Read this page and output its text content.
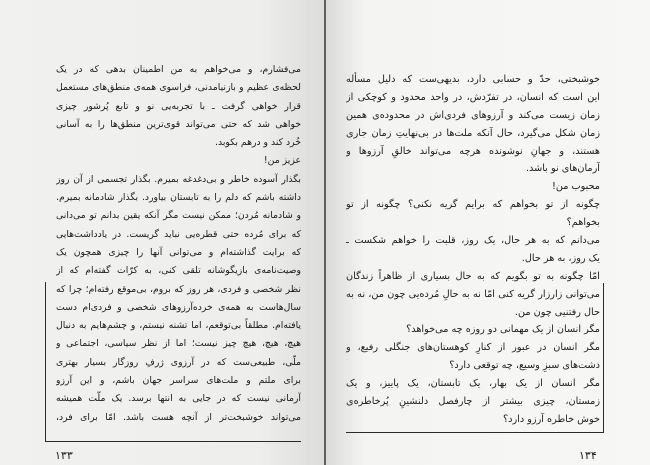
می‌فشارم، و می‌خواهم به من اطمینان بدهی که در یک
لحظه‌ی عظیم و بازنیامدنی، فراسوی همه‌ی منطق‌های مستعمل
قرار خواهی گرفت ـ با تجربه‌یی نو و تابع پُرشور چیزی
خواهی شد که حتی می‌تواند قوی‌ترین منطق‌ها را به آسانی
خُرد کند و درهم بکوبد.
عزیز من!
بگذار آسوده خاطر و بی‌دغدغه بمیرم. بگذار تجسمی از آن روز
داشته باشم که دلم را به تابستان بیاورد. بگذار شادمانه بمیرم.
و شادمانه مُردن؛ ممکن نیست مگر آنکه یقین بدانم تو می‌دانی
که برای مُرده حتی قطره‌یی نباید گریست. در یادداشت‌هایی
که برایت گذاشته‌ام و می‌توانی آنها را چیزی همچون یک
وصیت‌نامه‌ی بازیگوشانه تلقی کنی، به کرّات گفته‌ام که از
نظر شخصی و فردی، هر روز که بروم، بی‌موقع رفته‌ام؛ چرا که
سال‌هاست به همه‌ی خرده‌آرزوهای شخصی و فردی‌ام دست
یافته‌ام. مطلقاً بی‌توقعم، اما تشنه نیستم، و چشم‌هایم به دنبال
هیچ، هیچ، هیچ چیز نیست؛ اما از نظر سیاسی، اجتماعی و
ملّی، طبیعی‌ست که در آرزوی ژرفِ روزگار بسیار بهتری
برای ملتم و ملت‌های سراسر جهان باشم، و این آرزو
آرمانی نیست که در جایی به انتها برسد. یک ملّت همیشه
می‌تواند خوشبخت‌تر از آنچه هست باشد. امّا برای فرد،
خوشبختی، حدّ و حسابی دارد، بدیهی‌ست که دلیل مسأله
این است که انسان، در تفرّدش، در واحد محدود و کوچکی از
زمان زیست می‌کند و آرزوهای فردی‌اش در محدوده‌ی همین
زمان شکل می‌گیرد، حال آنکه ملت‌ها در بی‌نهایتِ زمان جاری
هستند، و جهانِ نوشونده هرچه می‌تواند خالقِ آرزوها و
آرمان‌های نو باشد.
محبوب من!
چگونه از تو بخواهم که برایم گریه نکنی؟ چگونه از تو
بخواهم؟
می‌دانم که به هر حال، یک روز، قلبت را خواهم شکست ـ
یک روز، به هر حال.
امّا چگونه به تو بگویم که به حال بسیاری از ظاهراً زندگان
می‌توانی زارزار گریه کنی امّا نه به حالِ مُرده‌یی چون من، نه به
حال رفتنیی چون من.
مگر انسان از یک مهمانی دو روزه چه می‌خواهد؟
مگر انسان در عبور از کنارِ کوهستان‌های جنگلی رفیع، و
دشت‌های سبزِ وسیع، چه توقعی دارد؟
مگر انسان از یک بهار، یک تابستان، یک پاییز، و یک
زمستان، چیزی بیشتر از چارفصل دلنشینِ پُرخاطره‌ی
خوش خاطره آرزو دارد؟
۱۳۳	۱۳۴
